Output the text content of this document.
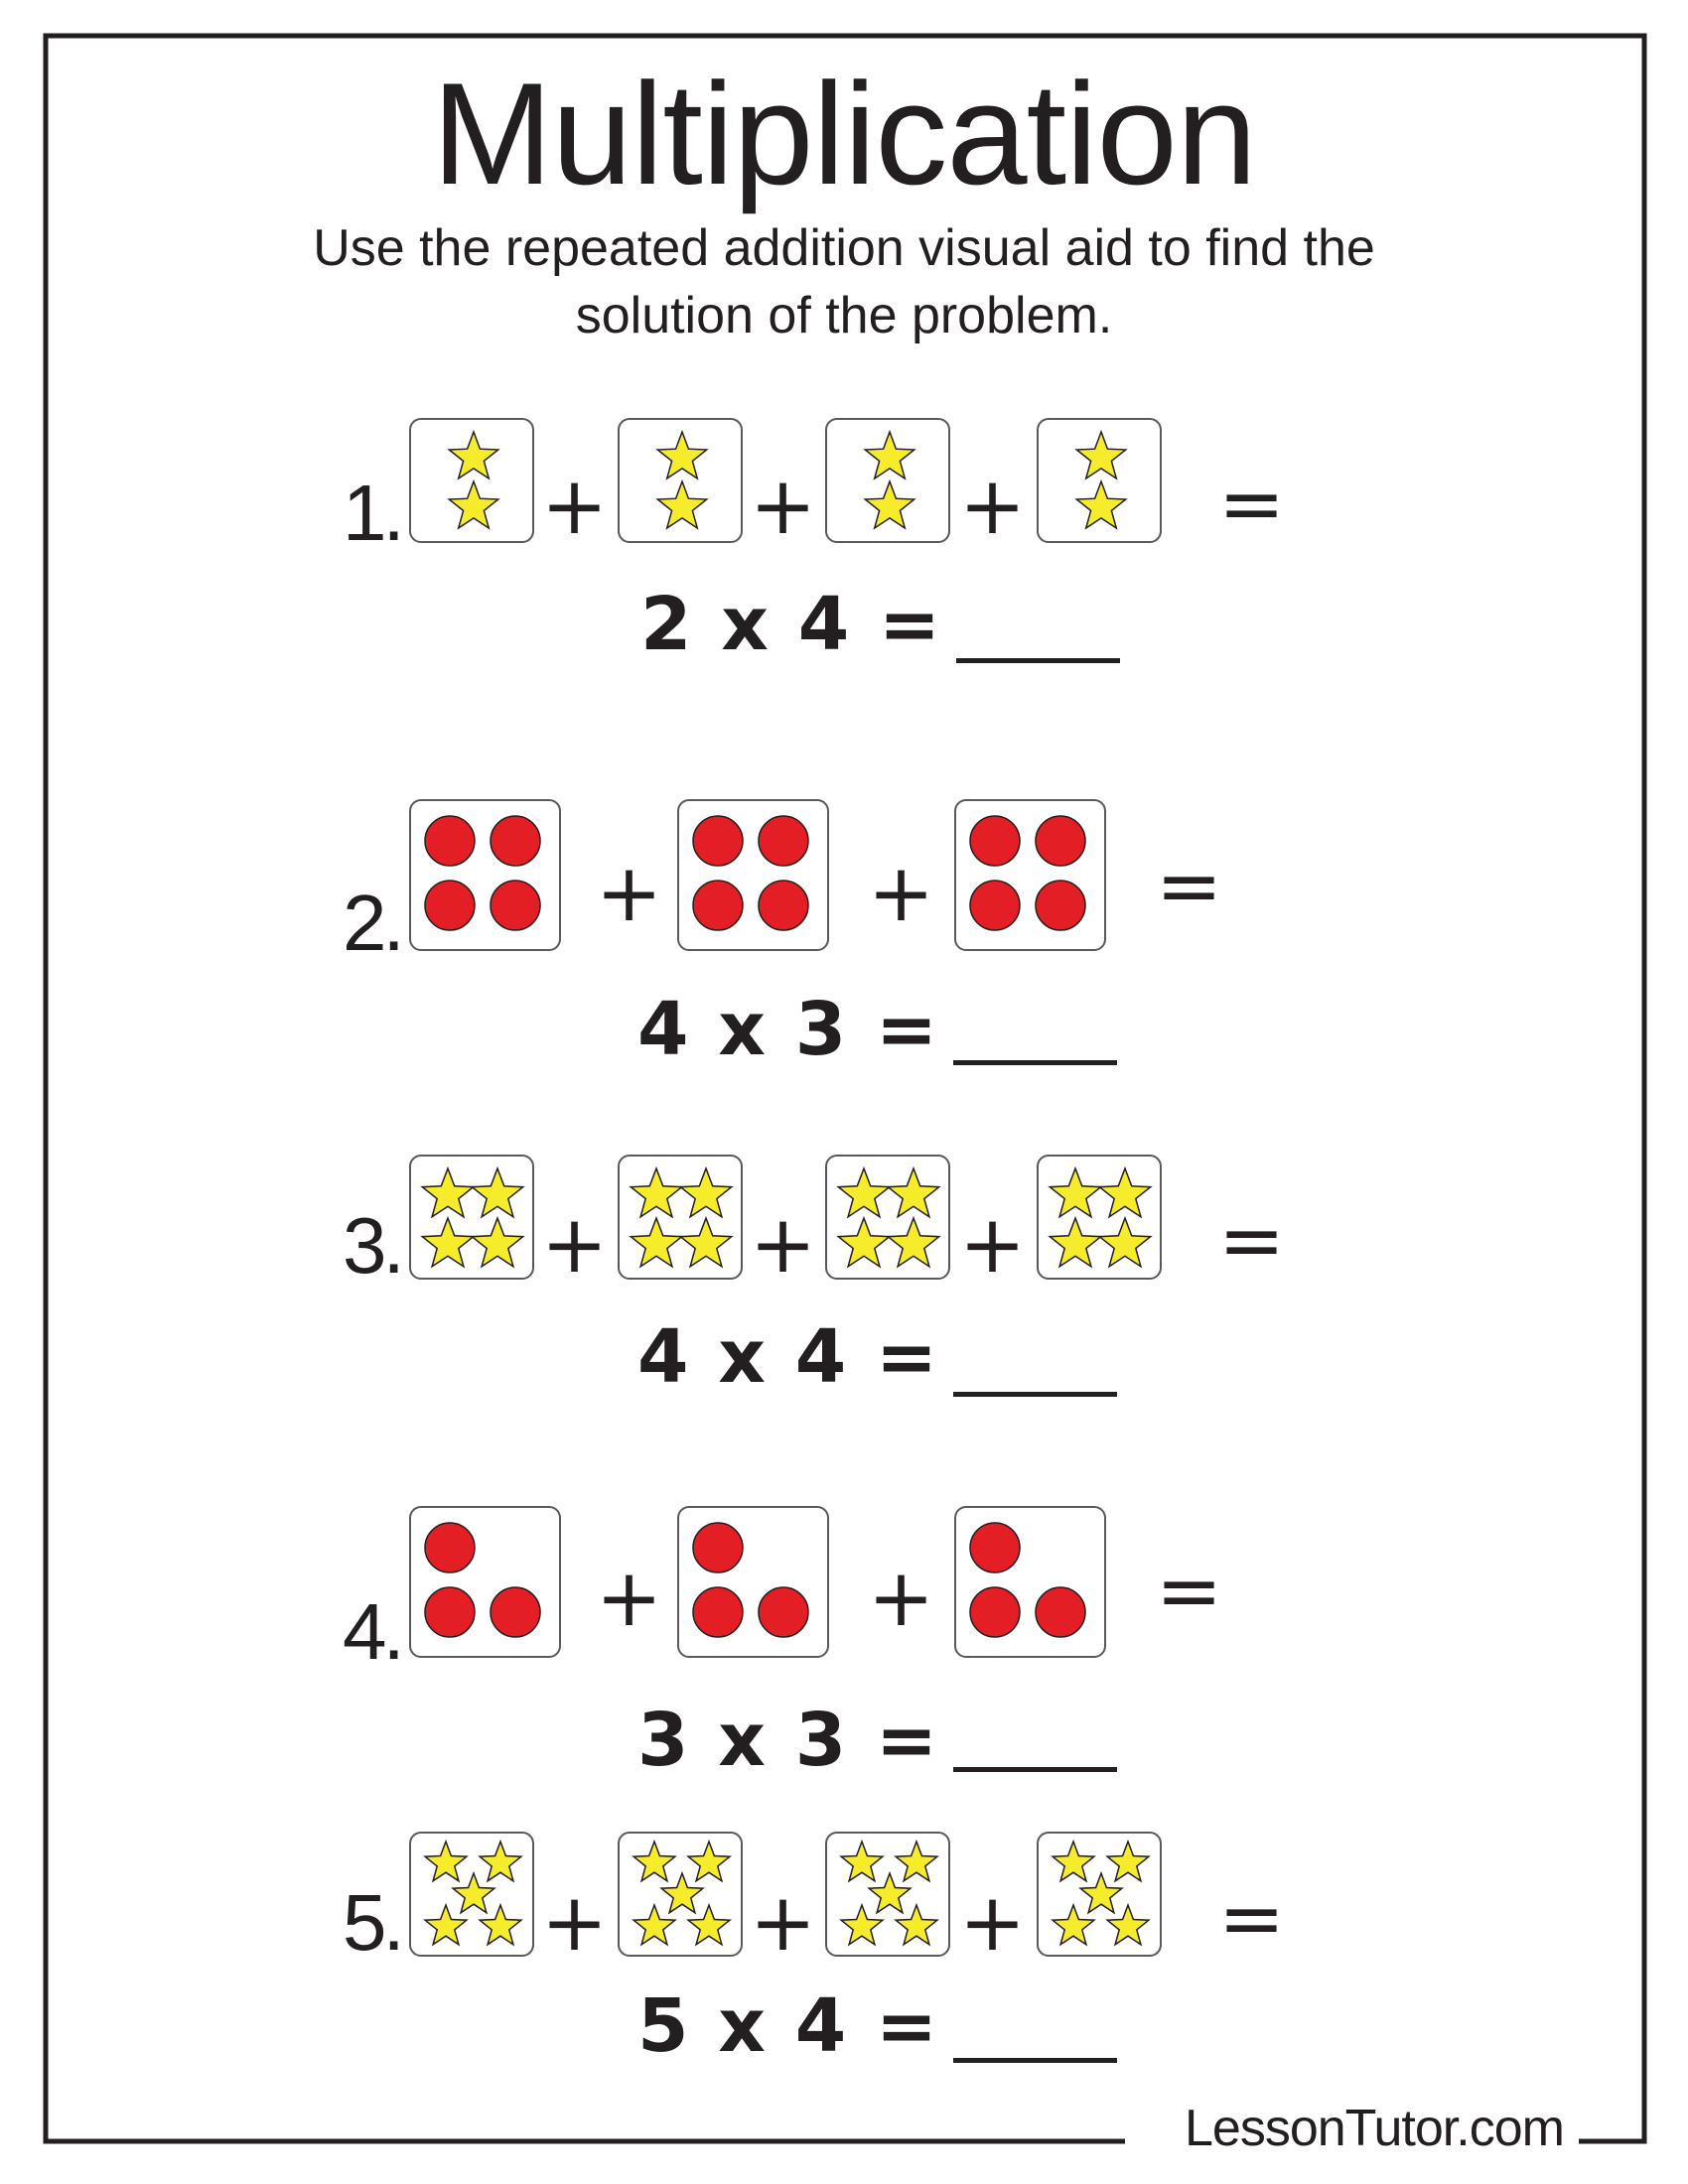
Multiplication
Use the repeated addition visual aid to find the
solution of the problem.
1. + + + =
2 x 4 =
2. +	+	=
4 x 3 =
3. + + + =
4 x 4 =
4. +	+	=
3 x 3 =
5. + + + =
5 x 4 =
LessonTutor.com
